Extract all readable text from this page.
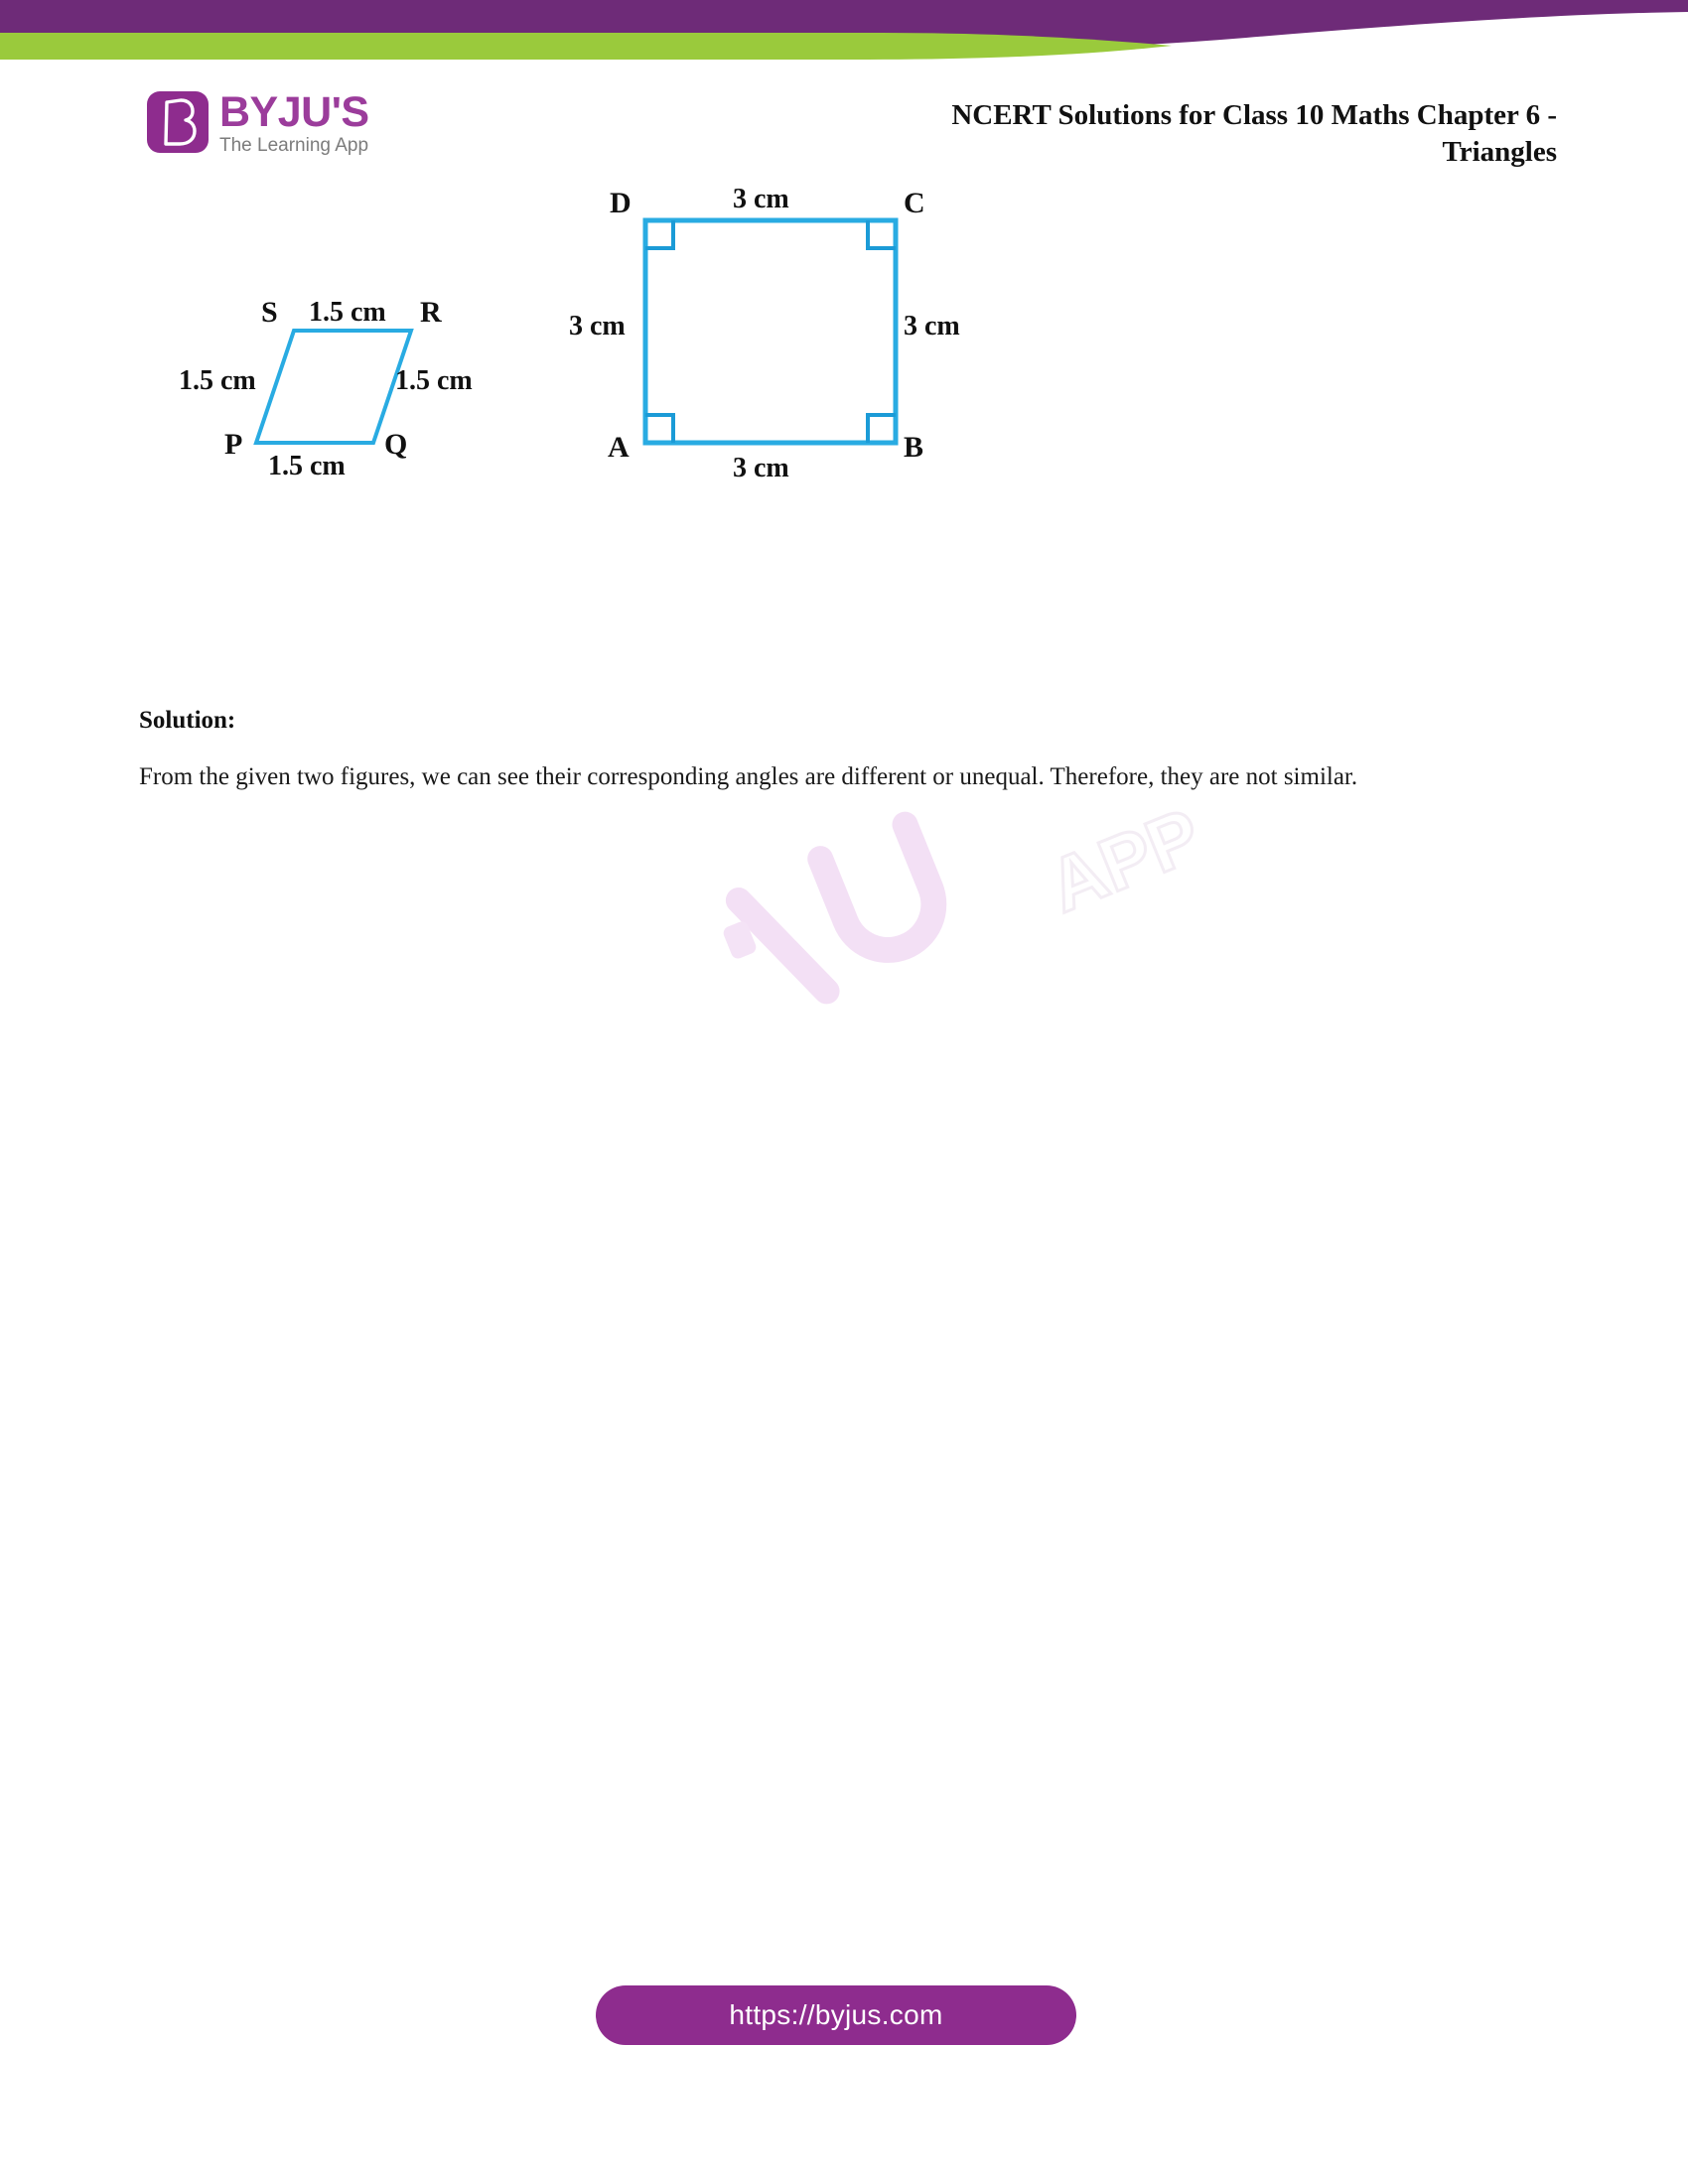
BYJU'S
The Learning App
NCERT Solutions for Class 10 Maths Chapter 6 -
Triangles
S 1.5 cm R
1.5 cm	1.5 cm
P
1.5 cm
Q
D	3 cm	C
3 cm	3 cm
A
3 cm
B
APP
Solution:
From the given two figures, we can see their corresponding angles are different or unequal. Therefore, they are not similar.
https://byjus.com
